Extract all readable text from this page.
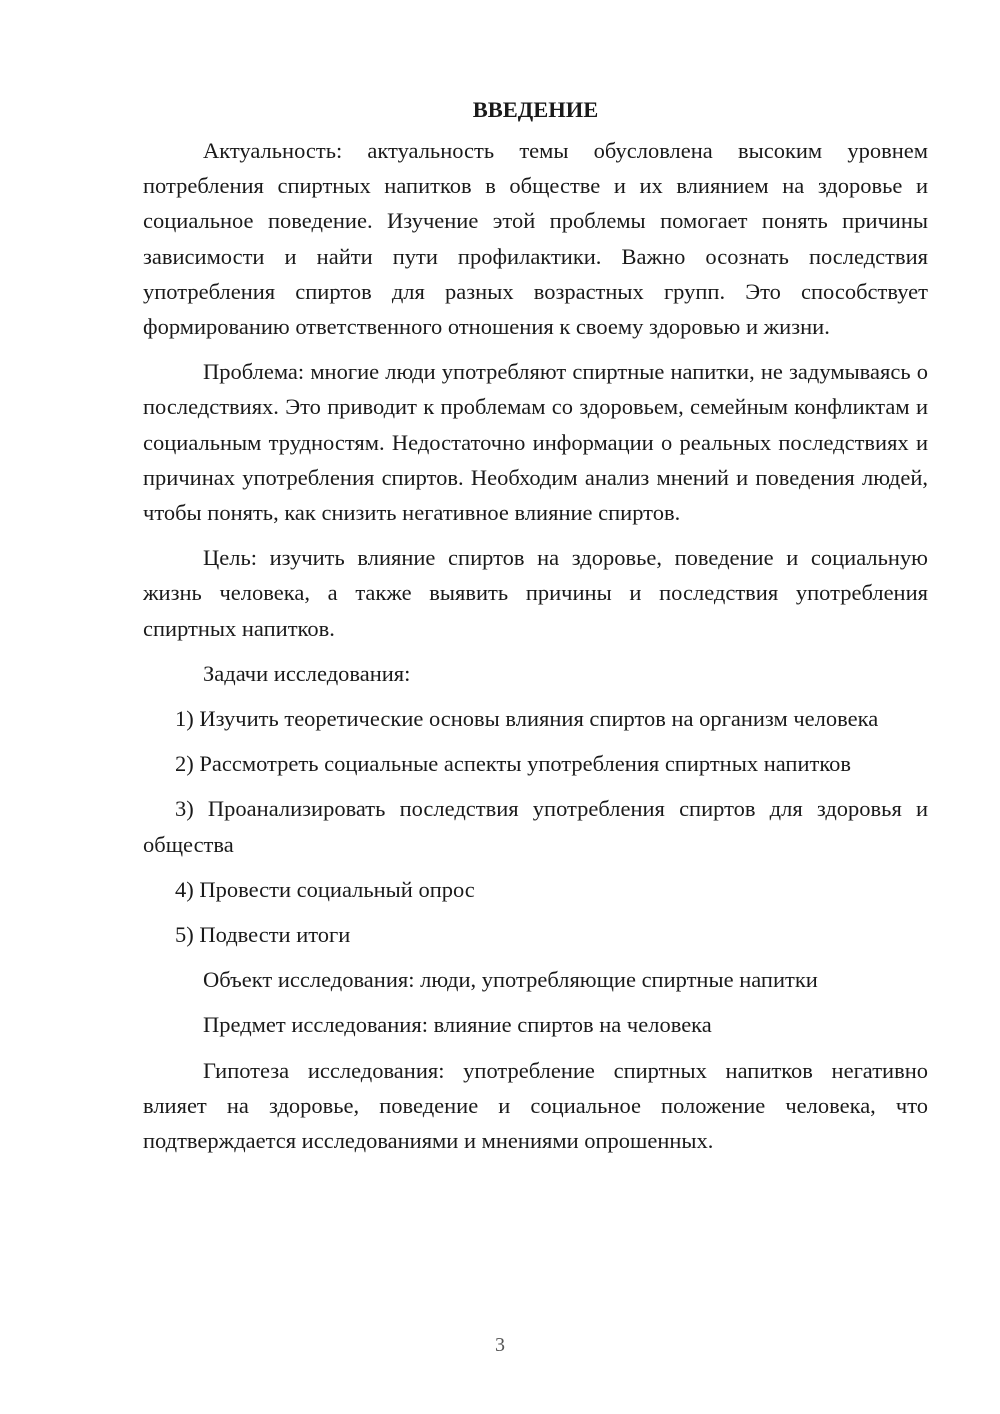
ВВЕДЕНИЕ

Актуальность: актуальность темы обусловлена высоким уровнем потребления спиртных напитков в обществе и их влиянием на здоровье и социальное поведение. Изучение этой проблемы помогает понять причины зависимости и найти пути профилактики. Важно осознать последствия употребления спиртов для разных возрастных групп. Это способствует формированию ответственного отношения к своему здоровью и жизни.

Проблема: многие люди употребляют спиртные напитки, не задумываясь о последствиях. Это приводит к проблемам со здоровьем, семейным конфликтам и социальным трудностям. Недостаточно информации о реальных последствиях и причинах употребления спиртов. Необходим анализ мнений и поведения людей, чтобы понять, как снизить негативное влияние спиртов.

Цель: изучить влияние спиртов на здоровье, поведение и социальную жизнь человека, а также выявить причины и последствия употребления спиртных напитков.

Задачи исследования:

1) Изучить теоретические основы влияния спиртов на организм человека
2) Рассмотреть социальные аспекты употребления спиртных напитков
3) Проанализировать последствия употребления спиртов для здоровья и общества
4) Провести социальный опрос
5) Подвести итоги

Объект исследования: люди, употребляющие спиртные напитки

Предмет исследования: влияние спиртов на человека

Гипотеза исследования: употребление спиртных напитков негативно влияет на здоровье, поведение и социальное положение человека, что подтверждается исследованиями и мнениями опрошенных.

3
